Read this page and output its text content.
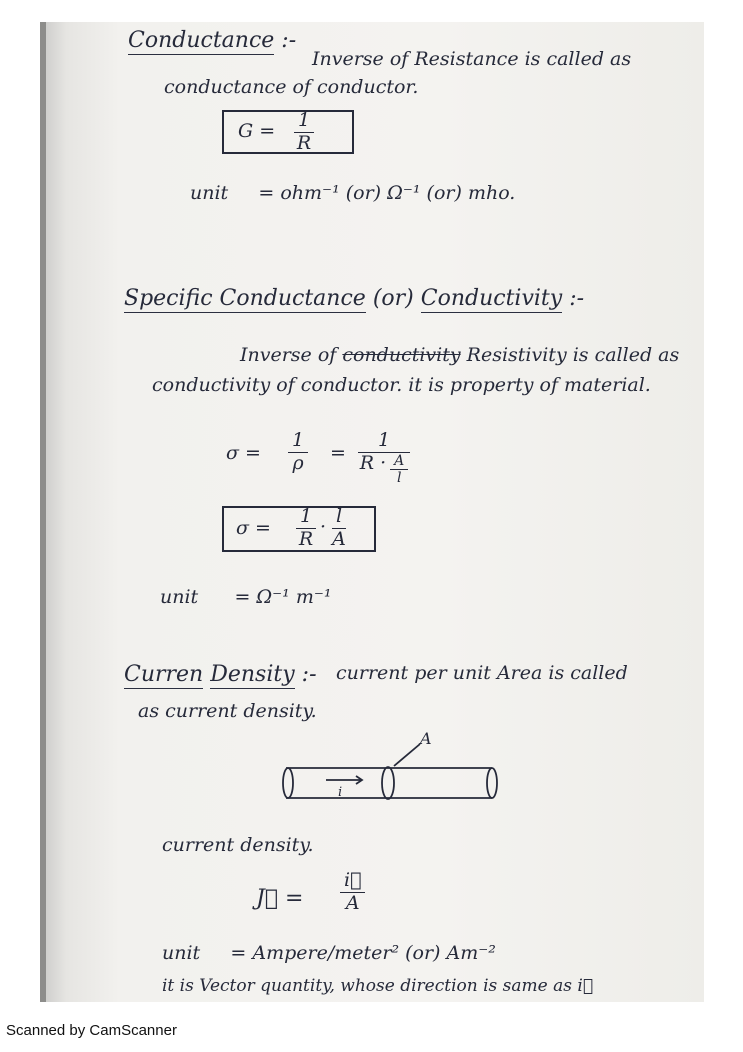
Conductance :-
Inverse of Resistance is called as
conductance of conductor.
$G = \frac{1}{R}$
unit = ohm⁻¹ (or) Ω⁻¹ (or) mho.
Specific Conductance (or) Conductivity :-
Inverse of conductivity Resistivity is called as
conductivity of conductor. it is property of material.
$\sigma = \frac{1}{\rho} = \frac{1}{R \cdot \frac{A}{l}}$
$\sigma = \frac{1}{R} \cdot \frac{l}{A}$
unit = Ω⁻¹ m⁻¹
Curren Density :- current per unit Area is called
as current density.
A
i
current density.
J⃗ = $\frac{i⃗}{A}$
unit = Ampere/meter² (or) Am⁻²
it is Vector quantity, whose direction is same as i⃗
Scanned by CamScanner
